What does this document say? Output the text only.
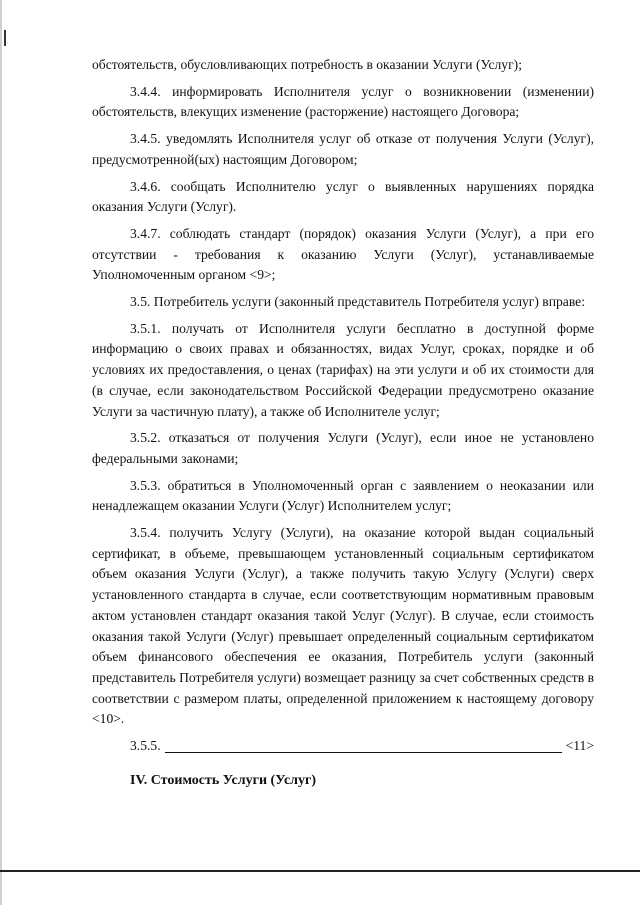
обстоятельств, обусловливающих потребность в оказании Услуги (Услуг);

3.4.4. информировать Исполнителя услуг о возникновении (изменении) обстоятельств, влекущих изменение (расторжение) настоящего Договора;

3.4.5. уведомлять Исполнителя услуг об отказе от получения Услуги (Услуг), предусмотренной(ых) настоящим Договором;

3.4.6. сообщать Исполнителю услуг о выявленных нарушениях порядка оказания Услуги (Услуг).

3.4.7. соблюдать стандарт (порядок) оказания Услуги (Услуг), а при его отсутствии - требования к оказанию Услуги (Услуг), устанавливаемые Уполномоченным органом <9>;

3.5. Потребитель услуги (законный представитель Потребителя услуг) вправе:

3.5.1. получать от Исполнителя услуги бесплатно в доступной форме информацию о своих правах и обязанностях, видах Услуг, сроках, порядке и об условиях их предоставления, о ценах (тарифах) на эти услуги и об их стоимости для (в случае, если законодательством Российской Федерации предусмотрено оказание Услуги за частичную плату), а также об Исполнителе услуг;

3.5.2. отказаться от получения Услуги (Услуг), если иное не установлено федеральными законами;

3.5.3. обратиться в Уполномоченный орган с заявлением о неоказании или ненадлежащем оказании Услуги (Услуг) Исполнителем услуг;

3.5.4. получить Услугу (Услуги), на оказание которой выдан социальный сертификат, в объеме, превышающем установленный социальным сертификатом объем оказания Услуги (Услуг), а также получить такую Услугу (Услуги) сверх установленного стандарта в случае, если соответствующим нормативным правовым актом установлен стандарт оказания такой Услуг (Услуг). В случае, если стоимость оказания такой Услуги (Услуг) превышает определенный социальным сертификатом объем финансового обеспечения ее оказания, Потребитель услуги (законный представитель Потребителя услуги) возмещает разницу за счет собственных средств в соответствии с размером платы, определенной приложением к настоящему договору <10>.

3.5.5.	<11>

IV. Стоимость Услуги (Услуг)
